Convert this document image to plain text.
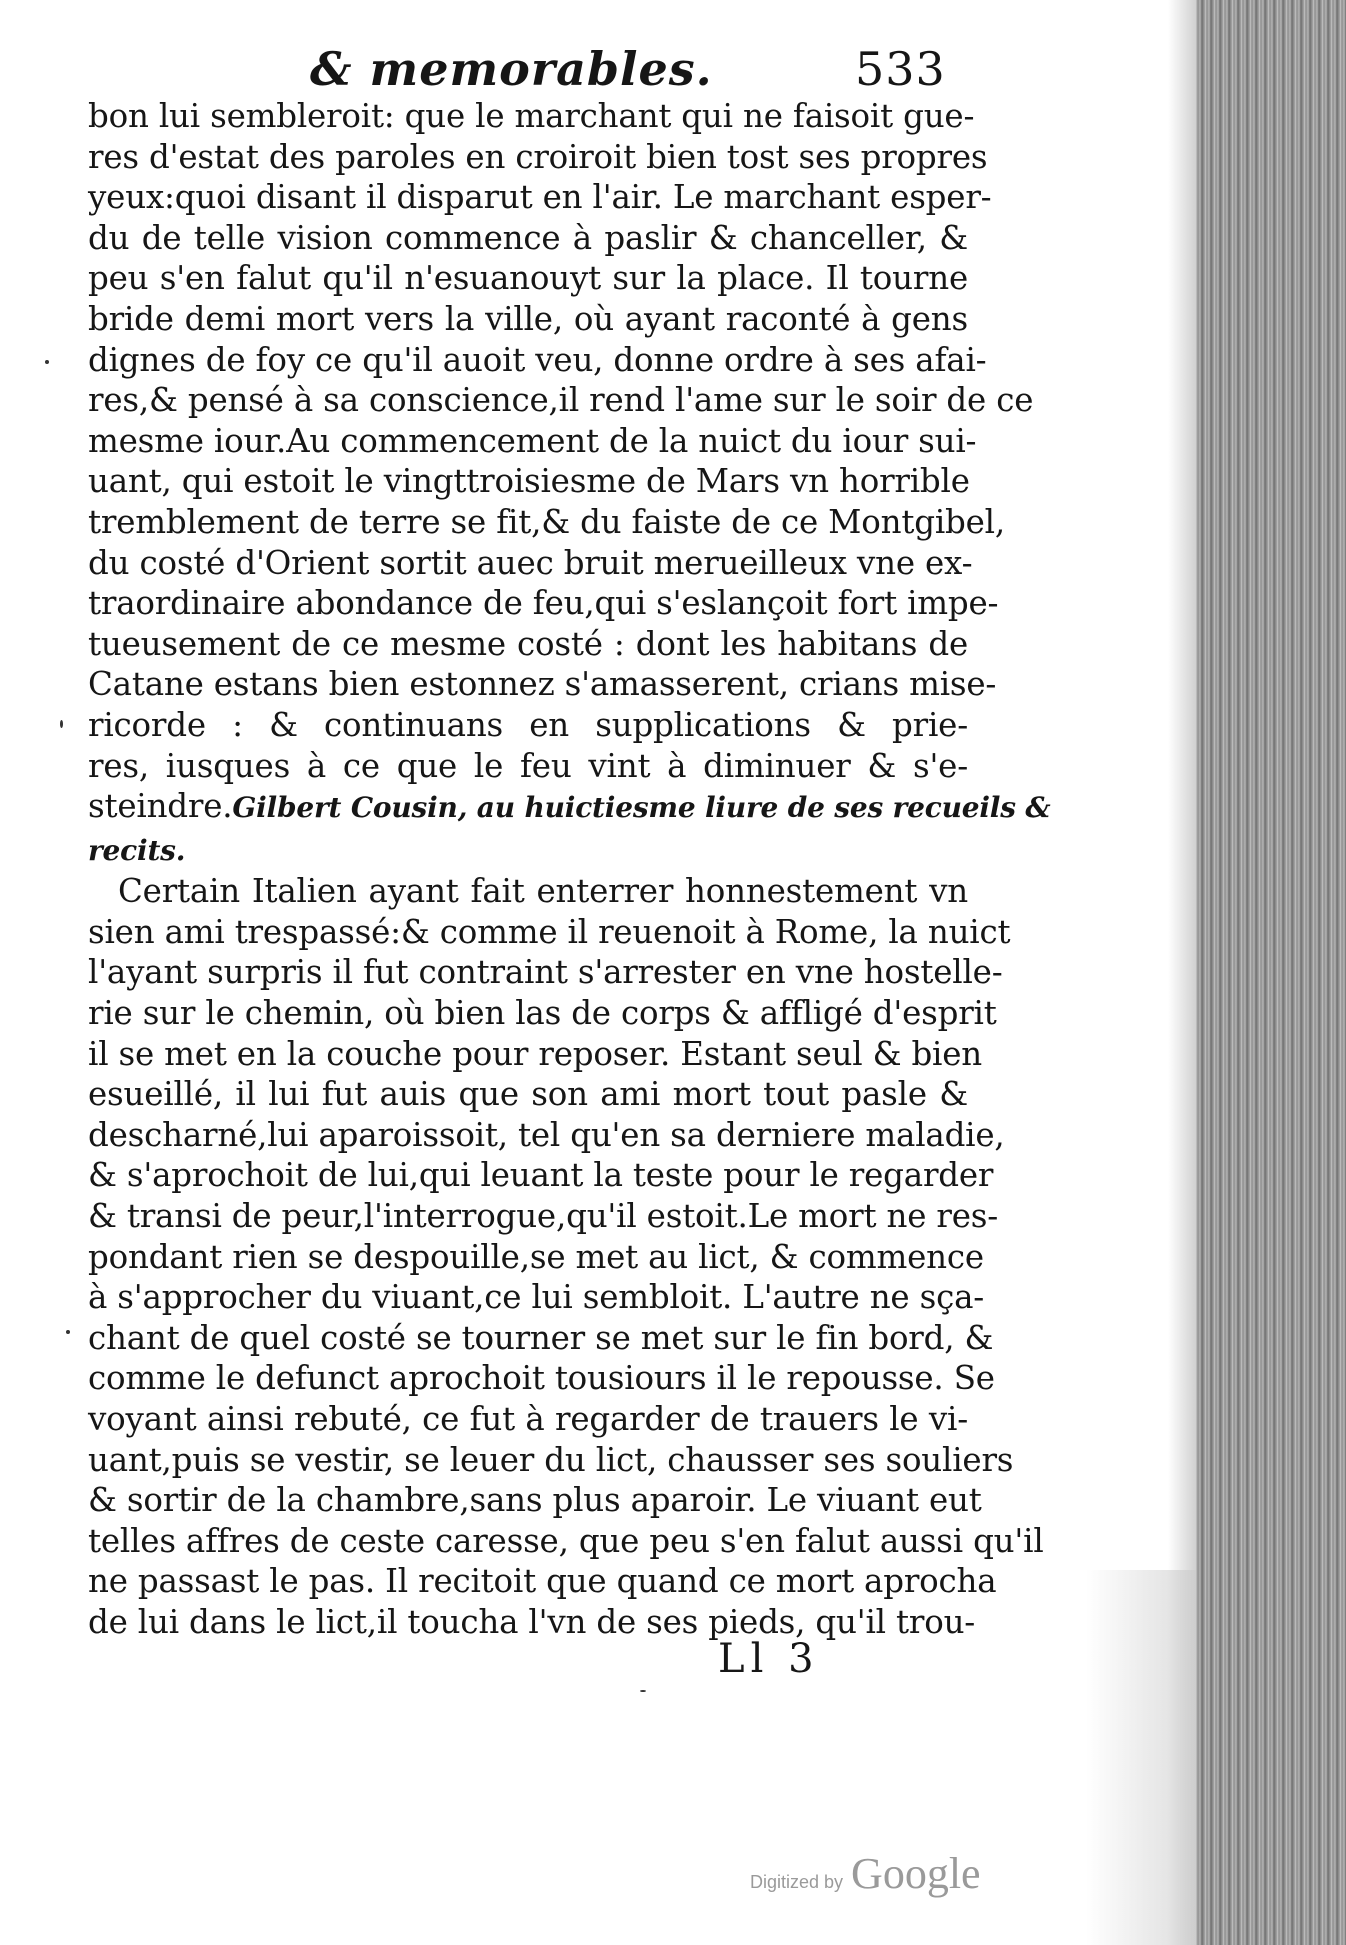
& memorables.	533
bon lui sembleroit: que le marchant qui ne faisoit gue-
res d'estat des paroles en croiroit bien tost ses propres
yeux:quoi disant il disparut en l'air. Le marchant esper-
du de telle vision commence à paslir & chanceller, &
peu s'en falut qu'il n'esuanouyt sur la place. Il tourne
bride demi mort vers la ville, où ayant raconté à gens
dignes de foy ce qu'il auoit veu, donne ordre à ses afai-
res,& pensé à sa conscience,il rend l'ame sur le soir de ce
mesme iour.Au commencement de la nuict du iour sui-
uant, qui estoit le vingttroisiesme de Mars vn horrible
tremblement de terre se fit,& du faiste de ce Montgibel,
du costé d'Orient sortit auec bruit merueilleux vne ex-
traordinaire abondance de feu,qui s'eslançoit fort impe-
tueusement de ce mesme costé : dont les habitans de
Catane estans bien estonnez s'amasserent, crians mise-
ricorde : & continuans en supplications & prie-
res, iusques à ce que le feu vint à diminuer & s'e-
steindre.Gilbert Cousin, au huictiesme liure de ses recueils &
recits.
Certain Italien ayant fait enterrer honnestement vn
sien ami trespassé:& comme il reuenoit à Rome, la nuict
l'ayant surpris il fut contraint s'arrester en vne hostelle-
rie sur le chemin, où bien las de corps & affligé d'esprit
il se met en la couche pour reposer. Estant seul & bien
esueillé, il lui fut auis que son ami mort tout pasle &
descharné,lui aparoissoit, tel qu'en sa derniere maladie,
& s'aprochoit de lui,qui leuant la teste pour le regarder
& transi de peur,l'interrogue,qu'il estoit.Le mort ne res-
pondant rien se despouille,se met au lict, & commence
à s'approcher du viuant,ce lui sembloit. L'autre ne sça-
chant de quel costé se tourner se met sur le fin bord, &
comme le defunct aprochoit tousiours il le repousse. Se
voyant ainsi rebuté, ce fut à regarder de trauers le vi-
uant,puis se vestir, se leuer du lict, chausser ses souliers
& sortir de la chambre,sans plus aparoir. Le viuant eut
telles affres de ceste caresse, que peu s'en falut aussi qu'il
ne passast le pas. Il recitoit que quand ce mort aprocha
de lui dans le lict,il toucha l'vn de ses pieds, qu'il trou-
Ll 3
Digitized by Google
